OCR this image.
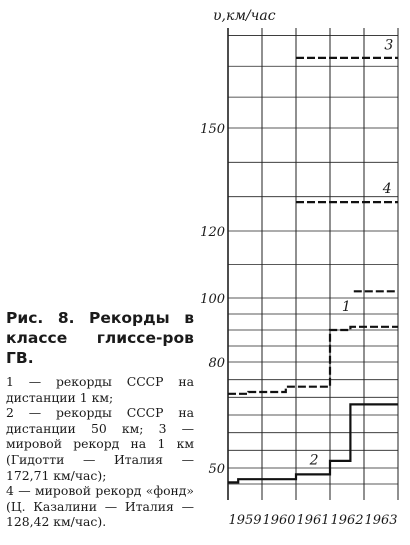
υ,км/час
50
80
100
120
150
1959 1960 1961 1962 1963
1
2
3
4

Рис. 8. Рекорды в классе глиссе-ров ГВ.

1 — рекорды СССР на дистанции 1 км;
2 — рекорды СССР на дистанции 50 км; 3 — мировой рекорд на 1 км (Гидотти — Италия — 172,71 км/час);
4 — мировой рекорд «фонд» (Ц. Казалини — Италия — 128,42 км/час).
